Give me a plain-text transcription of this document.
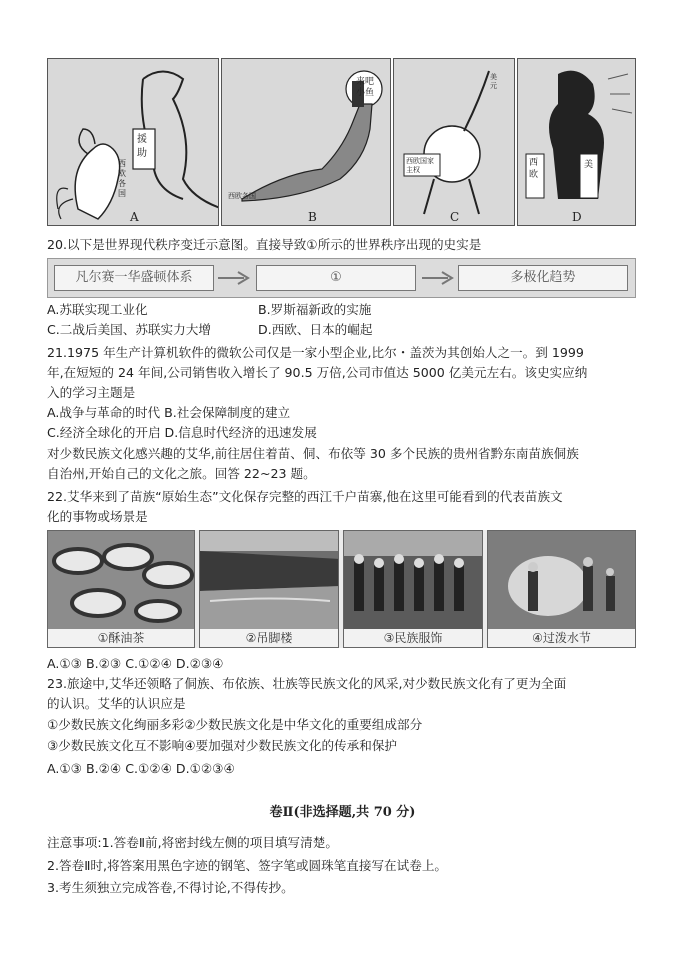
援助
西欧各国
A
来吧小鱼
西欧各国
B
美元
西欧国家主权
C
西欧
美
D
20.以下是世界现代秩序变迁示意图。直接导致①所示的世界秩序出现的史实是
凡尔赛一华盛顿体系	①	多极化趋势
A.苏联实现工业化	B.罗斯福新政的实施
C.二战后美国、苏联实力大增	D.西欧、日本的崛起
21.1975 年生产计算机软件的微软公司仅是一家小型企业,比尔・盖茨为其创始人之一。到 1999
年,在短短的 24 年间,公司销售收入增长了 90.5 万倍,公司市值达 5000 亿美元左右。该史实应纳
入的学习主题是
A.战争与革命的时代 B.社会保障制度的建立
C.经济全球化的开启 D.信息时代经济的迅速发展
对少数民族文化感兴趣的艾华,前往居住着苗、侗、布依等 30 多个民族的贵州省黔东南苗族侗族
自治州,开始自己的文化之旅。回答 22~23 题。
22.艾华来到了苗族“原始生态”文化保存完整的西江千户苗寨,他在这里可能看到的代表苗族文
化的事物或场景是
①酥油茶	②吊脚楼	③民族服饰	④过泼水节
A.①③ B.②③ C.①②④ D.②③④
23.旅途中,艾华还领略了侗族、布依族、壮族等民族文化的风采,对少数民族文化有了更为全面
的认识。艾华的认识应是
①少数民族文化绚丽多彩②少数民族文化是中华文化的重要组成部分
③少数民族文化互不影响④要加强对少数民族文化的传承和保护
A.①③ B.②④ C.①②④ D.①②③④
卷Ⅱ(非选择题,共 70 分)
注意事项:1.答卷Ⅱ前,将密封线左侧的项目填写清楚。
2.答卷Ⅱ时,将答案用黑色字迹的钢笔、签字笔或圆珠笔直接写在试卷上。
3.考生须独立完成答卷,不得讨论,不得传抄。
